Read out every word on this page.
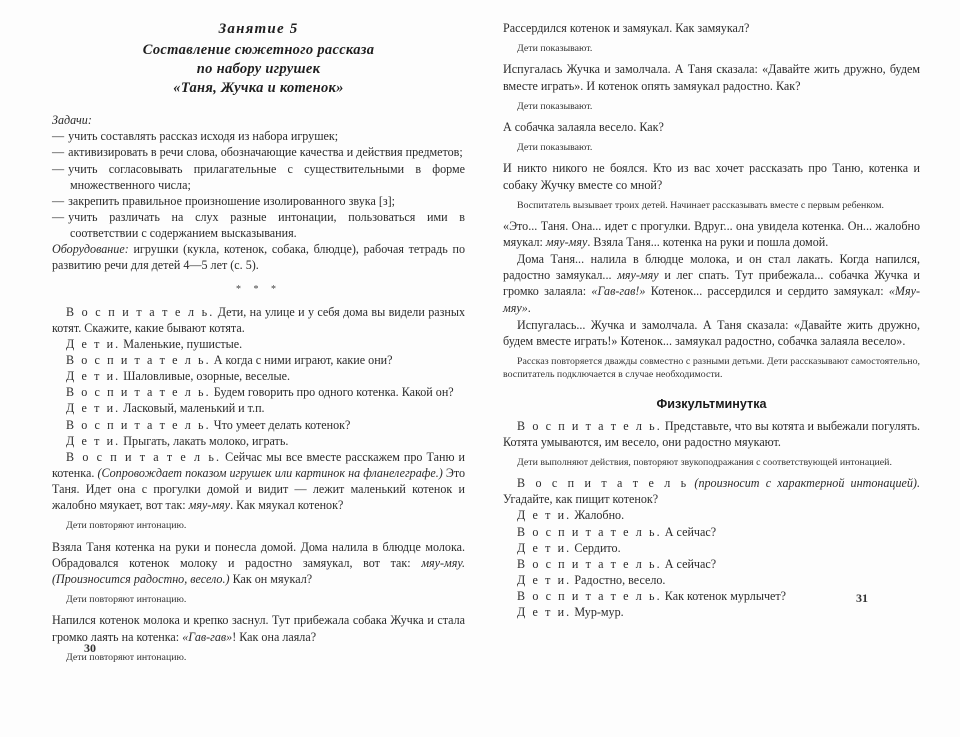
Занятие 5
Составление сюжетного рассказа
по набору игрушек
«Таня, Жучка и котенок»

Задачи:

— учить составлять рассказ исходя из набора игрушек;
— активизировать в речи слова, обозначающие качества и действия предметов;
— учить согласовывать прилагательные с существительными в форме множественного числа;
— закрепить правильное произношение изолированного звука [з];
— учить различать на слух разные интонации, пользоваться ими в соответствии с содержанием высказывания.

Оборудование: игрушки (кукла, котенок, собака, блюдце), рабочая тетрадь по развитию речи для детей 4—5 лет (с. 5).

* * *

В о с п и т а т е л ь. Дети, на улице и у себя дома вы видели разных котят. Скажите, какие бывают котята.

Д е т и. Маленькие, пушистые.

В о с п и т а т е л ь. А когда с ними играют, какие они?

Д е т и. Шаловливые, озорные, веселые.

В о с п и т а т е л ь. Будем говорить про одного котенка. Какой он?

Д е т и. Ласковый, маленький и т.п.

В о с п и т а т е л ь. Что умеет делать котенок?

Д е т и. Прыгать, лакать молоко, играть.

В о с п и т а т е л ь. Сейчас мы все вместе расскажем про Таню и котенка. (Сопровождает показом игрушек или картинок на фланелеграфе.) Это Таня. Идет она с прогулки домой и видит — лежит маленький котенок и жалобно мяукает, вот так: мяу-мяу. Как мяукал котенок?

Дети повторяют интонацию.

Взяла Таня котенка на руки и понесла домой. Дома налила в блюдце молока. Обрадовался котенок молоку и радостно замяукал, вот так: мяу-мяу. (Произносится радостно, весело.) Как он мяукал?

Дети повторяют интонацию.

Напился котенок молока и крепко заснул. Тут прибежала собака Жучка и стала громко лаять на котенка: «Гав-гав»! Как она лаяла?

Дети повторяют интонацию.

30

Рассердился котенок и замяукал. Как замяукал?

Дети показывают.

Испугалась Жучка и замолчала. А Таня сказала: «Давайте жить дружно, будем вместе играть». И котенок опять замяукал радостно. Как?

Дети показывают.

А собачка залаяла весело. Как?

Дети показывают.

И никто никого не боялся. Кто из вас хочет рассказать про Таню, котенка и собаку Жучку вместе со мной?

Воспитатель вызывает троих детей. Начинает рассказывать вместе с первым ребенком.

«Это... Таня. Она... идет с прогулки. Вдруг... она увидела котенка. Он... жалобно мяукал: мяу-мяу. Взяла Таня... котенка на руки и пошла домой.

Дома Таня... налила в блюдце молока, и он стал лакать. Когда напился, радостно замяукал... мяу-мяу и лег спать. Тут прибежала... собачка Жучка и громко залаяла: «Гав-гав!» Котенок... рассердился и сердито замяукал: «Мяу-мяу».

Испугалась... Жучка и замолчала. А Таня сказала: «Давайте жить дружно, будем вместе играть!» Котенок... замяукал радостно, собачка залаяла весело».

Рассказ повторяется дважды совместно с разными детьми. Дети рассказывают самостоятельно, воспитатель подключается в случае необходимости.

Физкультминутка

В о с п и т а т е л ь. Представьте, что вы котята и выбежали погулять. Котята умываются, им весело, они радостно мяукают.

Дети выполняют действия, повторяют звукоподражания с соответствующей интонацией.

В о с п и т а т е л ь (произносит с характерной интонацией). Угадайте, как пищит котенок?

Д е т и. Жалобно.

В о с п и т а т е л ь. А сейчас?

Д е т и. Сердито.

В о с п и т а т е л ь. А сейчас?

Д е т и. Радостно, весело.

В о с п и т а т е л ь. Как котенок мурлычет?

Д е т и. Мур-мур.

31
